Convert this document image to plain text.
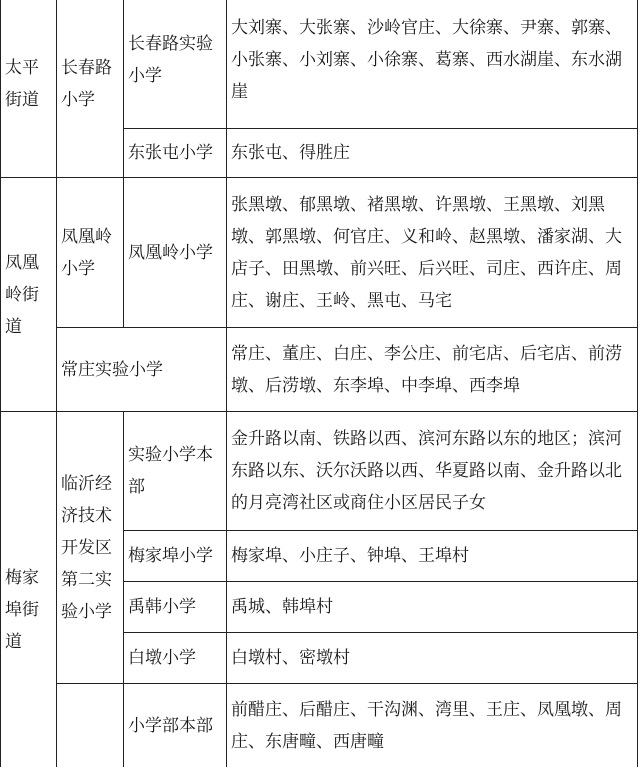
太平街道	长春路小学	长春路实验小学	大刘寨、大张寨、沙岭官庄、大徐寨、尹寨、郭寨、小张寨、小刘寨、小徐寨、葛寨、西水湖崖、东水湖崖
		东张屯小学	东张屯、得胜庄
凤凰岭街道	凤凰岭小学	凤凰岭小学	张黑墩、郁黑墩、褚黑墩、许黑墩、王黑墩、刘黑墩、郭黑墩、何官庄、义和岭、赵黑墩、潘家湖、大店子、田黑墩、前兴旺、后兴旺、司庄、西许庄、周庄、谢庄、王岭、黑屯、马宅
	常庄实验小学		常庄、董庄、白庄、李公庄、前宅店、后宅店、前涝墩、后涝墩、东李埠、中李埠、西李埠
梅家埠街道	临沂经济技术开发区第二实验小学	实验小学本部	金升路以南、铁路以西、滨河东路以东的地区；滨河东路以东、沃尔沃路以西、华夏路以南、金升路以北的月亮湾社区或商住小区居民子女
		梅家埠小学	梅家埠、小庄子、钟埠、王埠村
		禹韩小学	禹城、韩埠村
		白墩小学	白墩村、密墩村
		小学部本部	前醋庄、后醋庄、干沟渊、湾里、王庄、凤凰墩、周庄、东唐疃、西唐疃
